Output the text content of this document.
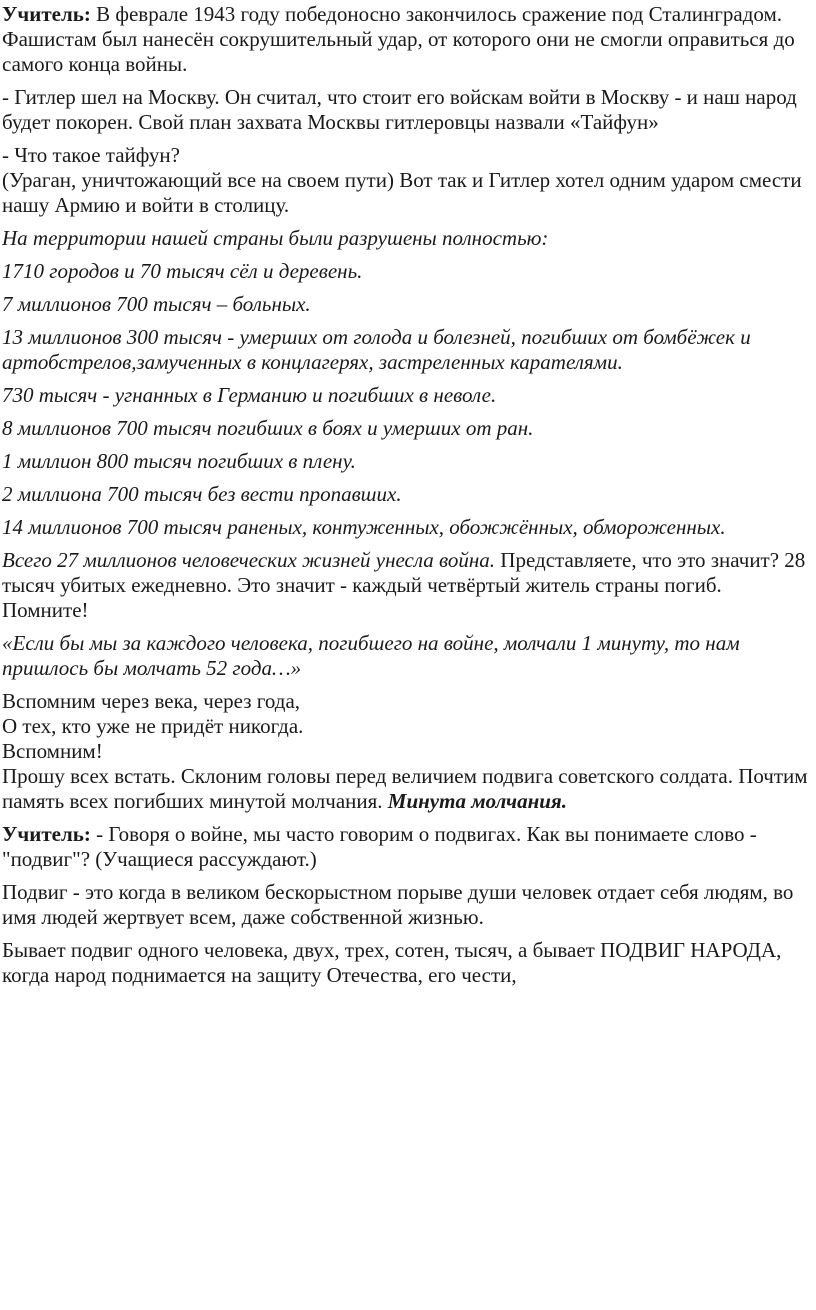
Учитель: В феврале 1943 году победоносно закончилось сражение под Сталинградом. Фашистам был нанесён сокрушительный удар, от которого они не смогли оправиться до самого конца войны.

- Гитлер шел на Москву. Он считал, что стоит его войскам войти в Москву - и наш народ будет покорен. Свой план захвата Москвы гитлеровцы назвали «Тайфун»

- Что такое тайфун?

(Ураган, уничтожающий все на своем пути) Вот так и Гитлер хотел одним ударом смести нашу Армию и войти в столицу.

На территории нашей страны были разрушены полностью:

1710 городов и 70 тысяч сёл и деревень.

7 миллионов 700 тысяч – больных.

13 миллионов 300 тысяч - умерших от голода и болезней, погибших от бомбёжек и артобстрелов,замученных в концлагерях, застреленных карателями.

730 тысяч - угнанных в Германию и погибших в неволе.

8 миллионов 700 тысяч погибших в боях и умерших от ран.

1 миллион 800 тысяч погибших в плену.

2 миллиона 700 тысяч без вести пропавших.

14 миллионов 700 тысяч раненых, контуженных, обожжённых, обмороженных.

Всего 27 миллионов человеческих жизней унесла война. Представляете, что это значит? 28 тысяч убитых ежедневно. Это значит - каждый четвёртый житель страны погиб. Помните!

«Если бы мы за каждого человека, погибшего на войне, молчали 1 минуту, то нам пришлось бы молчать 52 года…»

Вспомним через века, через года,
О тех, кто уже не придёт никогда.
Вспомним!
Прошу всех встать. Склоним головы перед величием подвига советского солдата. Почтим память всех погибших минутой молчания. Минута молчания.

Учитель: - Говоря о войне, мы часто говорим о подвигах. Как вы понимаете слово - "подвиг"? (Учащиеся рассуждают.)

Подвиг - это когда в великом бескорыстном порыве души человек отдает себя людям, во имя людей жертвует всем, даже собственной жизнью.

Бывает подвиг одного человека, двух, трех, сотен, тысяч, а бывает ПОДВИГ НАРОДА, когда народ поднимается на защиту Отечества, его чести,
